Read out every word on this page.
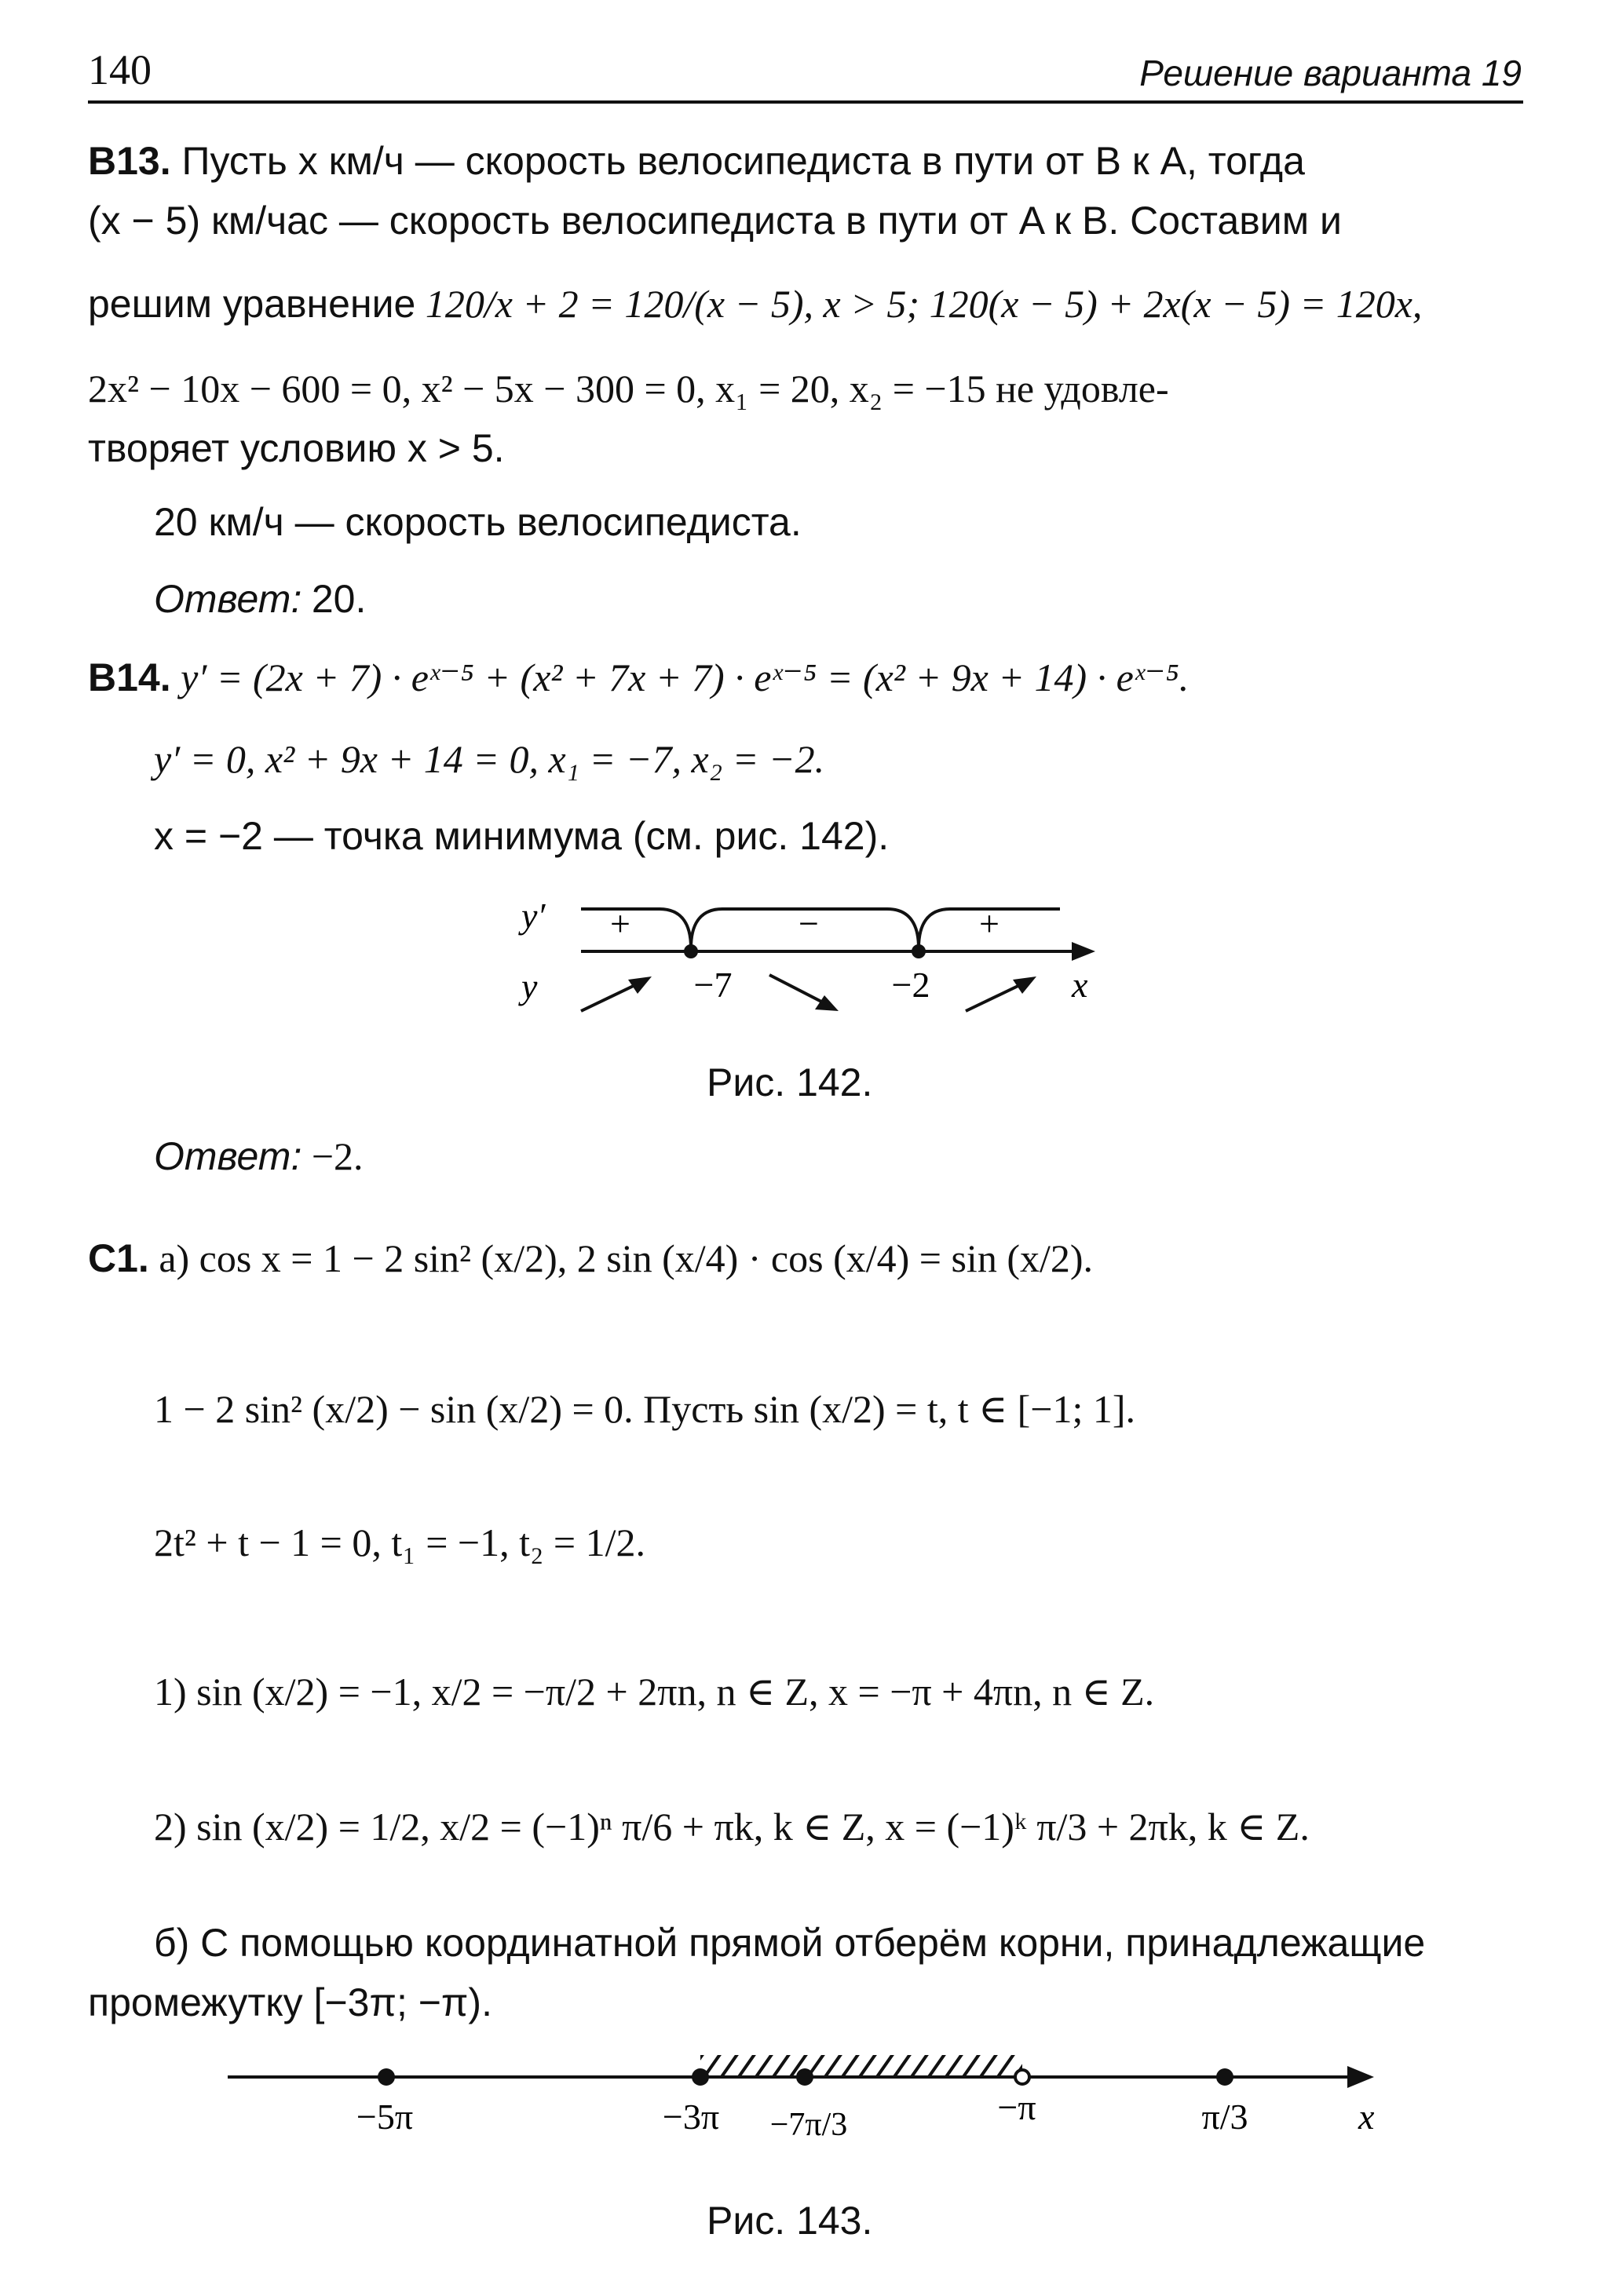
140	Решение варианта 19
B13. Пусть x км/ч — скорость велосипедиста в пути от B к A, тогда
(x − 5) км/час — скорость велосипедиста в пути от A к B. Составим и
решим уравнение 120/x + 2 = 120/(x − 5), x > 5; 120(x − 5) + 2x(x − 5) = 120x,
2x² − 10x − 600 = 0, x² − 5x − 300 = 0, x₁ = 20, x₂ = −15 не удовле-
творяет условию x > 5.
20 км/ч — скорость велосипедиста.
Ответ: 20.
B14. y′ = (2x + 7) · eˣ⁻⁵ + (x² + 7x + 7) · eˣ⁻⁵ = (x² + 9x + 14) · eˣ⁻⁵.
y′ = 0, x² + 9x + 14 = 0, x₁ = −7, x₂ = −2.
x = −2 — точка минимума (см. рис. 142).
y′
y
+	−	+
−7	−2	x
Рис. 142.
Ответ: −2.
C1. а) cos x = 1 − 2 sin² (x/2), 2 sin (x/4) · cos (x/4) = sin (x/2).
1 − 2 sin² (x/2) − sin (x/2) = 0. Пусть sin (x/2) = t, t ∈ [−1; 1].
2t² + t − 1 = 0, t₁ = −1, t₂ = 1/2.
1) sin (x/2) = −1, x/2 = −π/2 + 2πn, n ∈ Z, x = −π + 4πn, n ∈ Z.
2) sin (x/2) = 1/2, x/2 = (−1)ⁿ π/6 + πk, k ∈ Z, x = (−1)ᵏ π/3 + 2πk, k ∈ Z.
б) С помощью координатной прямой отберём корни, принадлежащие
промежутку [−3π; −π).
−5π	−3π −7π/3	−π	π/3	x
Рис. 143.
